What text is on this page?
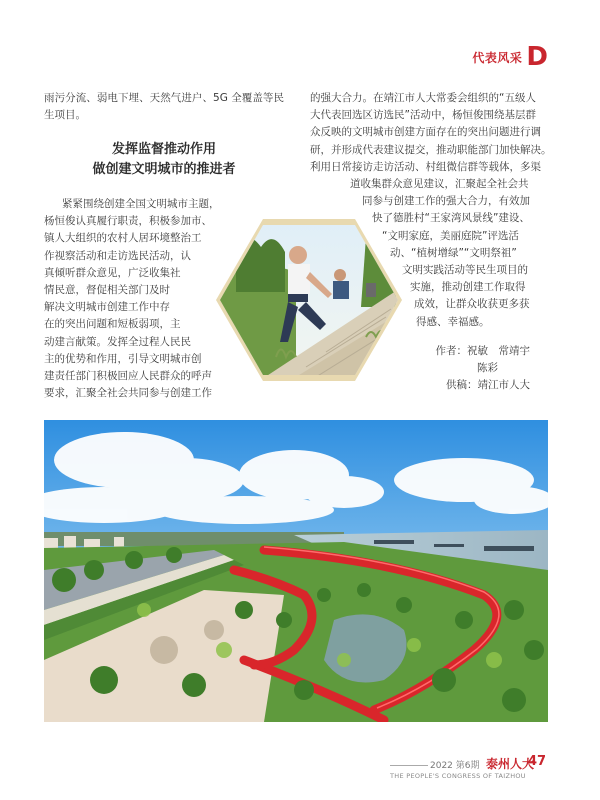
代表风采 D
雨污分流、弱电下埋、天然气进户、5G 全覆盖等民生项目。
发挥监督推动作用
做创建文明城市的推进者
紧紧围绕创建全国文明城市主题，
杨恒俊认真履行职责，积极参加市、
镇人大组织的农村人居环境整治工
作视察活动和走访选民活动，认
真倾听群众意见，广泛收集社
情民意，督促相关部门及时
解决文明城市创建工作中存
在的突出问题和短板弱项，主
动建言献策。发挥全过程人民民
主的优势和作用，引导文明城市创
建责任部门积极回应人民群众的呼声
要求，汇聚全社会共同参与创建工作
的强大合力。在靖江市人大常委会组织的“五级人
大代表回选区访选民”活动中，杨恒俊围绕基层群
众反映的文明城市创建方面存在的突出问题进行调
研，并形成代表建议提交，推动职能部门加快解决。
利用日常接访走访活动、村组微信群等载体，多渠
道收集群众意见建议，汇聚起全社会共
同参与创建工作的强大合力，有效加
快了德胜村“王家湾风景线”建设、
“文明家庭，美丽庭院”评选活
动、“植树增绿”“文明祭祖”
文明实践活动等民生项目的
实施，推动创建工作取得
成效，让群众收获更多获
得感、幸福感。
作者：祝敏　常靖宇
陈彩
供稿：靖江市人大
2022 第6期 泰州人大
47
THE PEOPLE'S CONGRESS OF TAIZHOU
